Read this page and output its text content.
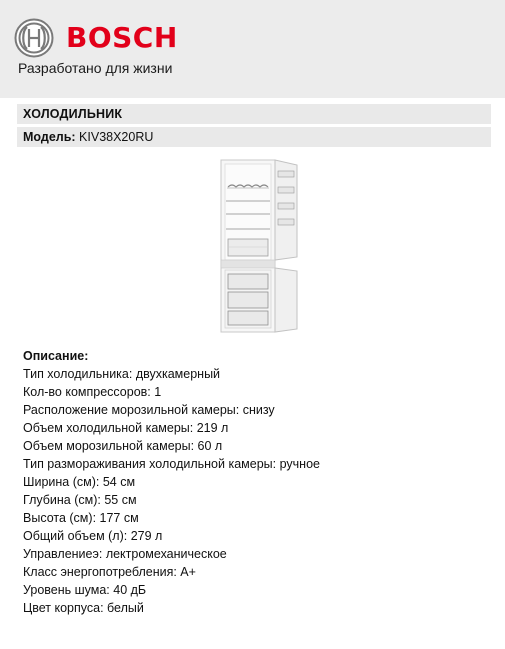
BOSCH
Разработано для жизни
ХОЛОДИЛЬНИК
Модель: KIV38X20RU
Описание:
Тип холодильника: двухкамерный
Кол-во компрессоров: 1
Расположение морозильной камеры: снизу
Объем холодильной камеры: 219 л
Объем морозильной камеры: 60 л
Тип размораживания холодильной камеры: ручное
Ширина (см): 54 см
Глубина (см): 55 см
Высота (см): 177 см
Общий объем (л): 279 л
Управлениеэ: лектромеханическое
Класс энергопотребления: A+
Уровень шума: 40 дБ
Цвет корпуса: белый
